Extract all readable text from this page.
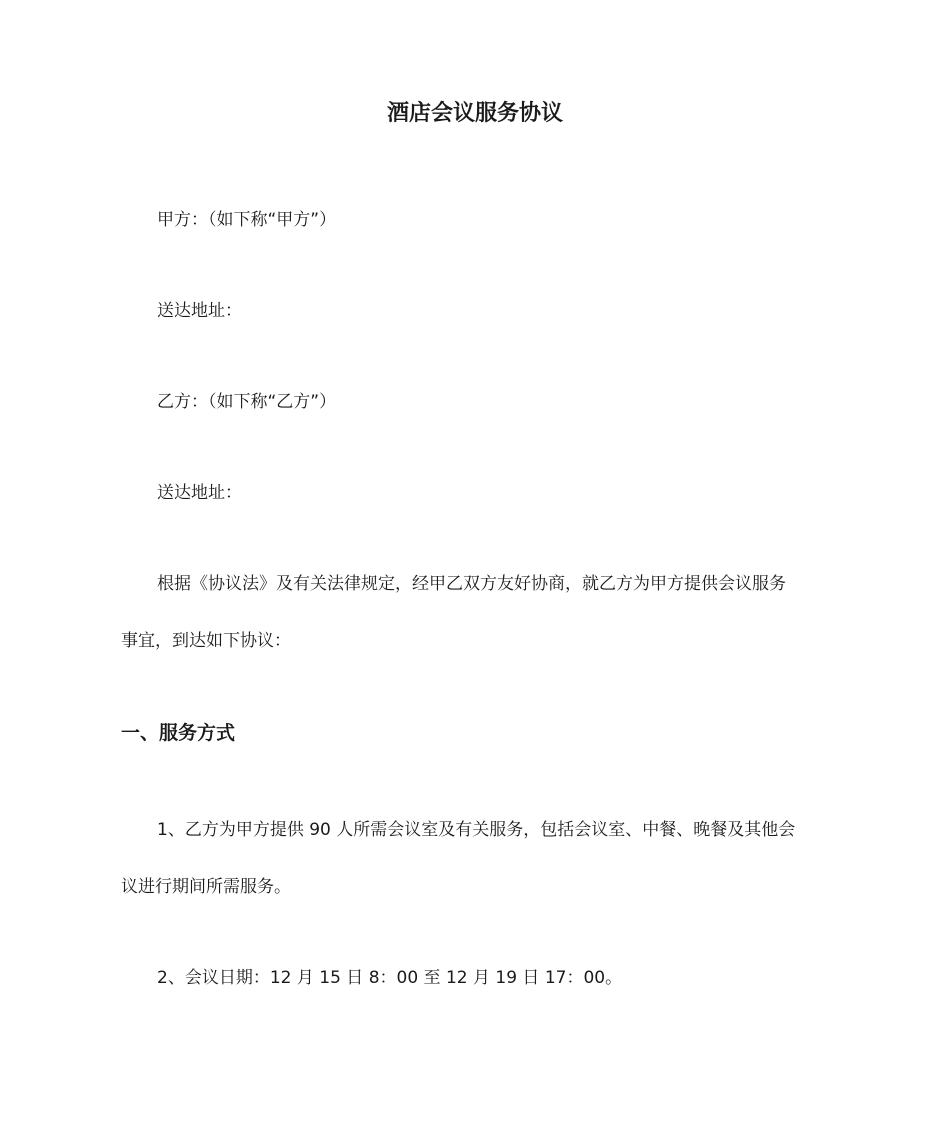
酒店会议服务协议
甲方：（如下称“甲方”）
送达地址：
乙方：（如下称“乙方”）
送达地址：
根据《协议法》及有关法律规定，经甲乙双方友好协商，就乙方为甲方提供会议服务
事宜，到达如下协议：
一、服务方式
1、乙方为甲方提供 90 人所需会议室及有关服务，包括会议室、中餐、晚餐及其他会
议进行期间所需服务。
2、会议日期：12 月 15 日 8：00 至 12 月 19 日 17：00。
